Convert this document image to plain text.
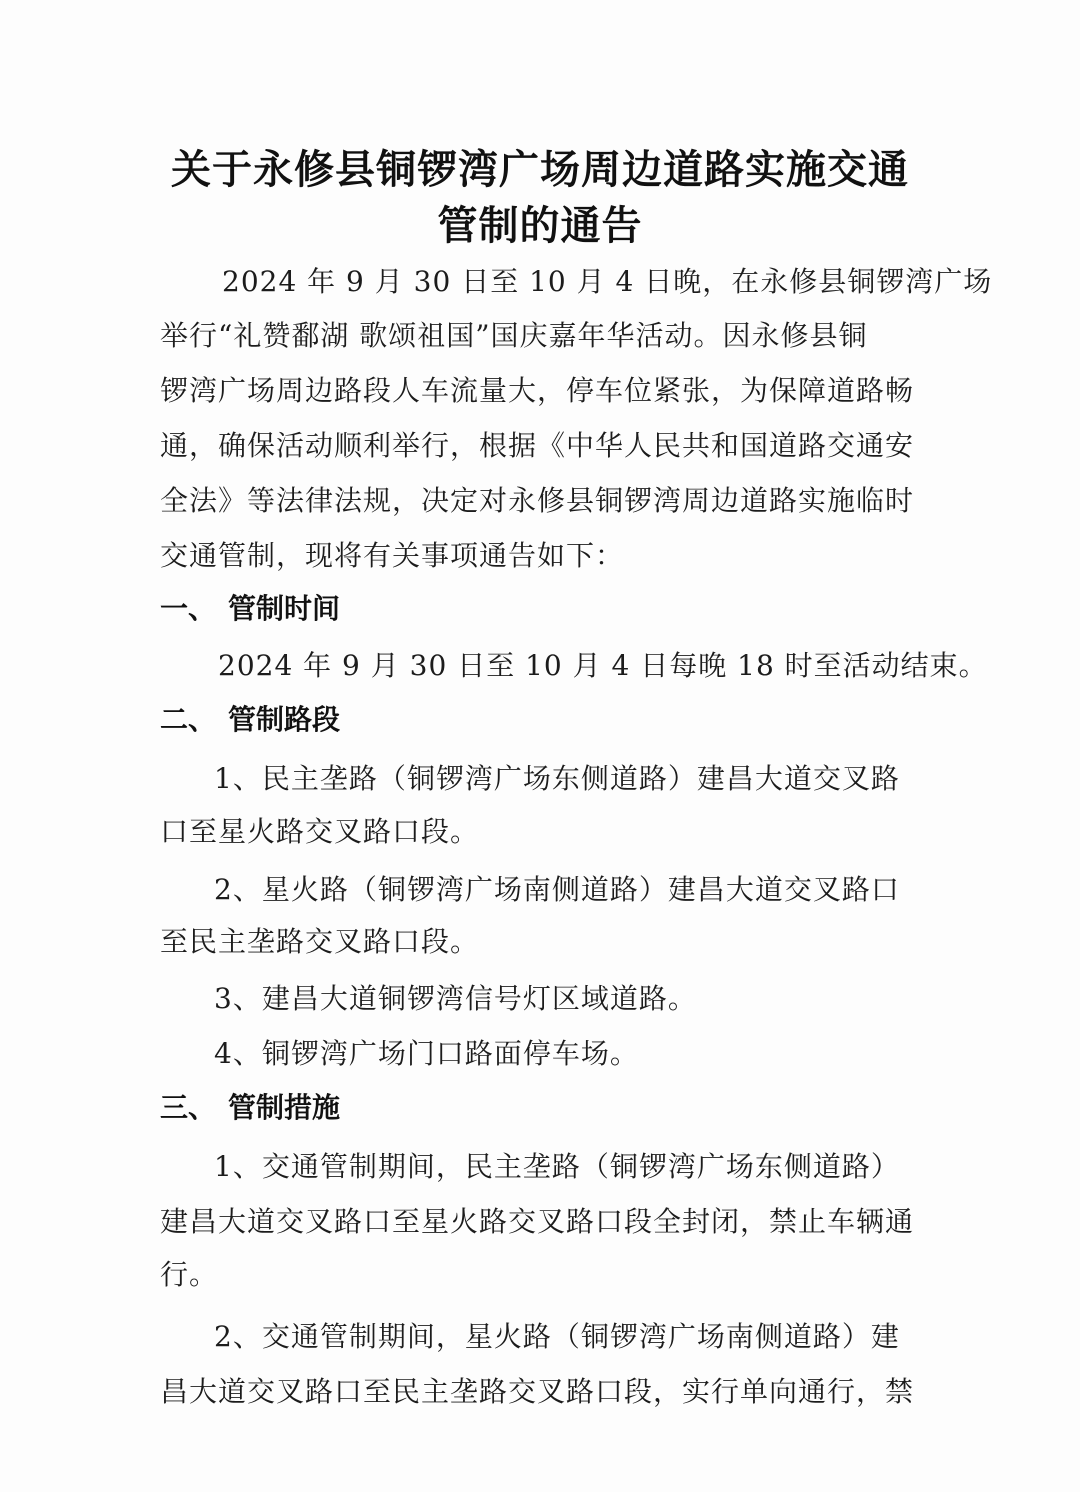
关于永修县铜锣湾广场周边道路实施交通
管制的通告
2024 年 9 月 30 日至 10 月 4 日晚，在永修县铜锣湾广场
举行“礼赞鄱湖 歌颂祖国”国庆嘉年华活动。因永修县铜
锣湾广场周边路段人车流量大，停车位紧张，为保障道路畅
通，确保活动顺利举行，根据《中华人民共和国道路交通安
全法》等法律法规，决定对永修县铜锣湾周边道路实施临时
交通管制，现将有关事项通告如下：
一、 管制时间
2024 年 9 月 30 日至 10 月 4 日每晚 18 时至活动结束。
二、 管制路段
1、民主垄路（铜锣湾广场东侧道路）建昌大道交叉路
口至星火路交叉路口段。
2、星火路（铜锣湾广场南侧道路）建昌大道交叉路口
至民主垄路交叉路口段。
3、建昌大道铜锣湾信号灯区域道路。
4、铜锣湾广场门口路面停车场。
三、 管制措施
1、交通管制期间，民主垄路（铜锣湾广场东侧道路）
建昌大道交叉路口至星火路交叉路口段全封闭，禁止车辆通
行。
2、交通管制期间，星火路（铜锣湾广场南侧道路）建
昌大道交叉路口至民主垄路交叉路口段，实行单向通行，禁
